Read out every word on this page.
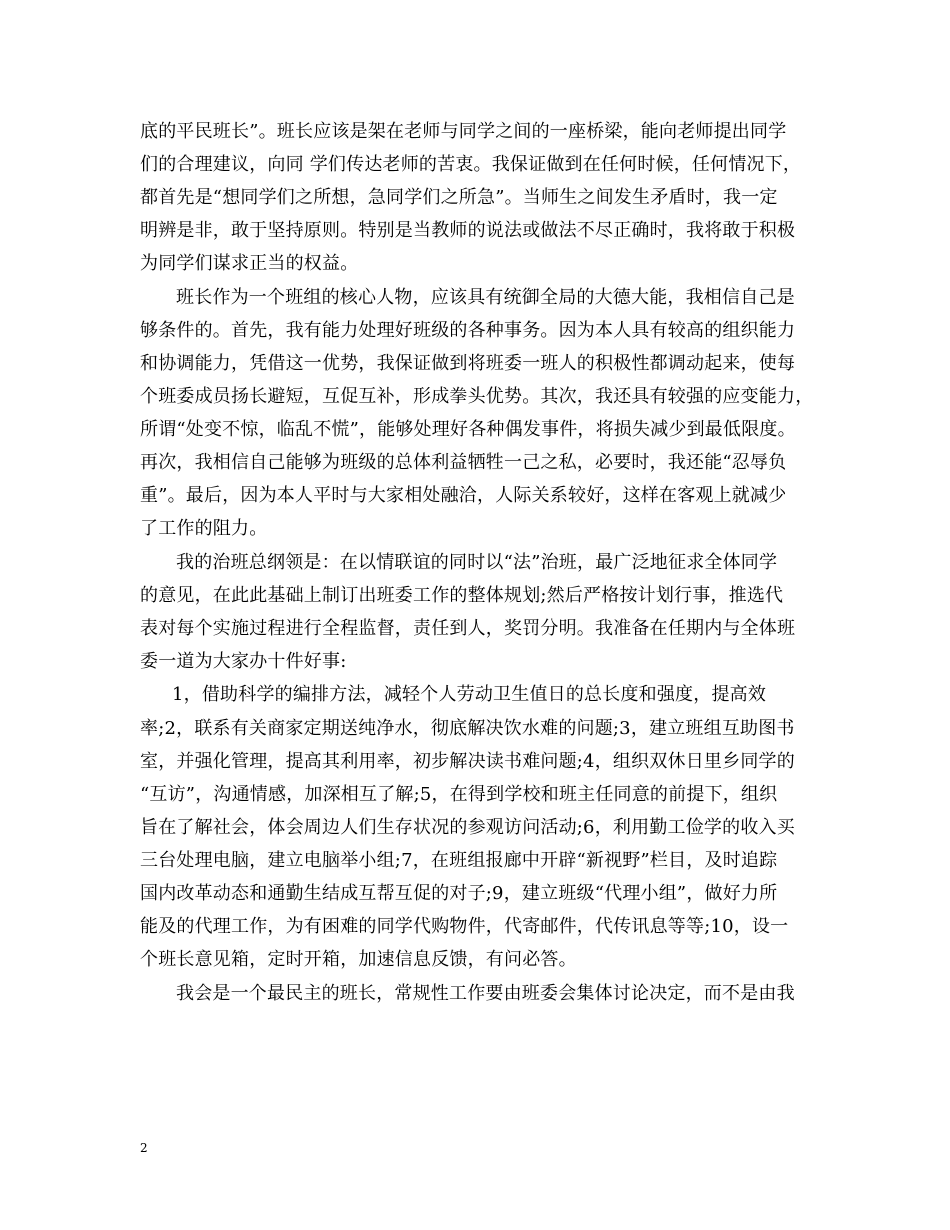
底的平民班长”。班长应该是架在老师与同学之间的一座桥梁，能向老师提出同学
们的合理建议，向同 学们传达老师的苦衷。我保证做到在任何时候，任何情况下，
都首先是“想同学们之所想，急同学们之所急”。当师生之间发生矛盾时，我一定
明辨是非，敢于坚持原则。特别是当教师的说法或做法不尽正确时，我将敢于积极
为同学们谋求正当的权益。
班长作为一个班组的核心人物，应该具有统御全局的大德大能，我相信自己是
够条件的。首先，我有能力处理好班级的各种事务。因为本人具有较高的组织能力
和协调能力，凭借这一优势，我保证做到将班委一班人的积极性都调动起来，使每
个班委成员扬长避短，互促互补，形成拳头优势。其次，我还具有较强的应变能力，
所谓“处变不惊，临乱不慌”，能够处理好各种偶发事件，将损失减少到最低限度。
再次，我相信自己能够为班级的总体利益牺牲一己之私，必要时，我还能“忍辱负
重”。最后，因为本人平时与大家相处融洽，人际关系较好，这样在客观上就减少
了工作的阻力。
我的治班总纲领是：在以情联谊的同时以“法”治班，最广泛地征求全体同学
的意见，在此此基础上制订出班委工作的整体规划;然后严格按计划行事，推选代
表对每个实施过程进行全程监督，责任到人，奖罚分明。我准备在任期内与全体班
委一道为大家办十件好事:
1，借助科学的编排方法，减轻个人劳动卫生值日的总长度和强度，提高效
率;2，联系有关商家定期送纯净水，彻底解决饮水难的问题;3，建立班组互助图书
室，并强化管理，提高其利用率，初步解决读书难问题;4，组织双休日里乡同学的
“互访”，沟通情感，加深相互了解;5，在得到学校和班主任同意的前提下，组织
旨在了解社会，体会周边人们生存状况的参观访问活动;6，利用勤工俭学的收入买
三台处理电脑，建立电脑举小组;7，在班组报廊中开辟“新视野”栏目，及时追踪
国内改革动态和通勤生结成互帮互促的对子;9，建立班级“代理小组”，做好力所
能及的代理工作，为有困难的同学代购物件，代寄邮件，代传讯息等等;10，设一
个班长意见箱，定时开箱，加速信息反馈，有问必答。
我会是一个最民主的班长，常规性工作要由班委会集体讨论决定，而不是由我
2
